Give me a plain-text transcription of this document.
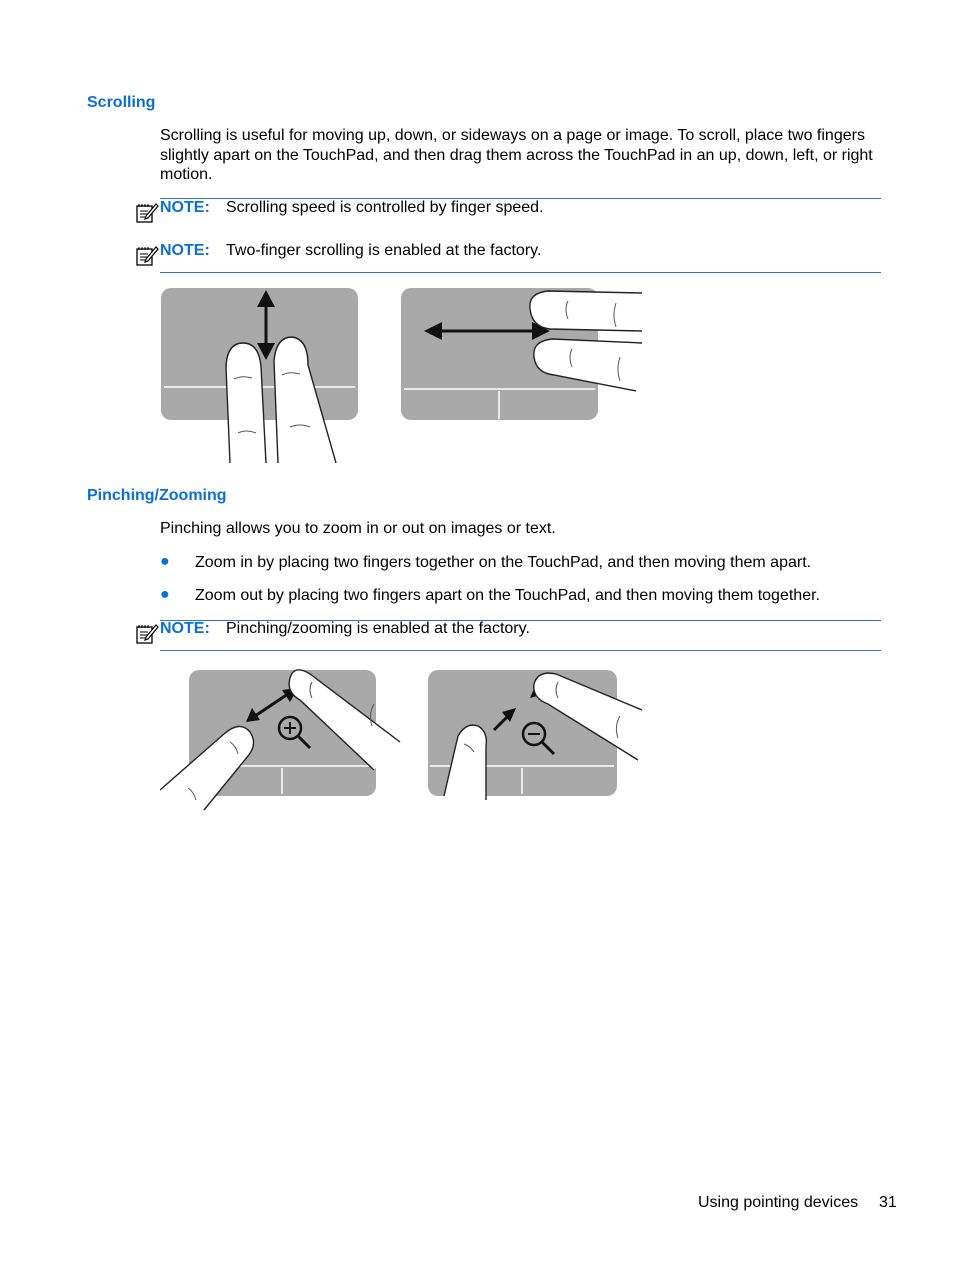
Scrolling
Scrolling is useful for moving up, down, or sideways on a page or image. To scroll, place two fingers
slightly apart on the TouchPad, and then drag them across the TouchPad in an up, down, left, or right
motion.
NOTE: Scrolling speed is controlled by finger speed.
NOTE: Two-finger scrolling is enabled at the factory.
Pinching/Zooming
Pinching allows you to zoom in or out on images or text.
● Zoom in by placing two fingers together on the TouchPad, and then moving them apart.
● Zoom out by placing two fingers apart on the TouchPad, and then moving them together.
NOTE: Pinching/zooming is enabled at the factory.
Using pointing devices 31
